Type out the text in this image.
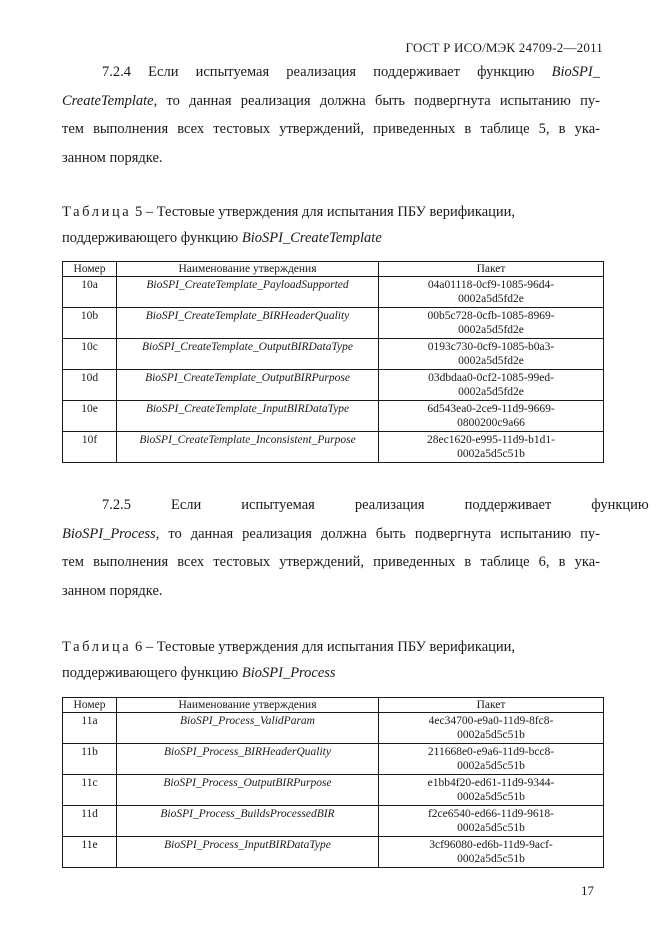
ГОСТ Р ИСО/МЭК 24709-2—2011
7.2.4 Если испытуемая реализация поддерживает функцию BioSPI_
CreateTemplate, то данная реализация должна быть подвергнута испытанию пу-
тем выполнения всех тестовых утверждений, приведенных в таблице 5, в ука-
занном порядке.
Таблица 5 – Тестовые утверждения для испытания ПБУ верификации,
поддерживающего функцию BioSPI_CreateTemplate
Номер	Наименование утверждения	Пакет
10a	BioSPI_CreateTemplate_PayloadSupported	04a01118-0cf9-1085-96d4-
0002a5d5fd2e

10b	BioSPI_CreateTemplate_BIRHeaderQuality	00b5c728-0cfb-1085-8969-
0002a5d5fd2e

10c	BioSPI_CreateTemplate_OutputBIRDataType	0193c730-0cf9-1085-b0a3-
0002a5d5fd2e

10d	BioSPI_CreateTemplate_OutputBIRPurpose	03dbdaa0-0cf2-1085-99ed-
0002a5d5fd2e

10e	BioSPI_CreateTemplate_InputBIRDataType	6d543ea0-2ce9-11d9-9669-
0800200c9a66

10f	BioSPI_CreateTemplate_Inconsistent_Purpose	28ec1620-e995-11d9-b1d1-
0002a5d5c51b
7.2.5	Если	испытуемая	реализация	поддерживает	функцию
BioSPI_Process, то данная реализация должна быть подвергнута испытанию пу-
тем выполнения всех тестовых утверждений, приведенных в таблице 6, в ука-
занном порядке.
Таблица 6 – Тестовые утверждения для испытания ПБУ верификации,
поддерживающего функцию BioSPI_Process
Номер	Наименование утверждения	Пакет
11a	BioSPI_Process_ValidParam	4ec34700-e9a0-11d9-8fc8-
0002a5d5c51b

11b	BioSPI_Process_BIRHeaderQuality	211668e0-e9a6-11d9-bcc8-
0002a5d5c51b

11c	BioSPI_Process_OutputBIRPurpose	e1bb4f20-ed61-11d9-9344-
0002a5d5c51b

11d	BioSPI_Process_BuildsProcessedBIR	f2ce6540-ed66-11d9-9618-
0002a5d5c51b

11e	BioSPI_Process_InputBIRDataType	3cf96080-ed6b-11d9-9acf-
0002a5d5c51b
17
